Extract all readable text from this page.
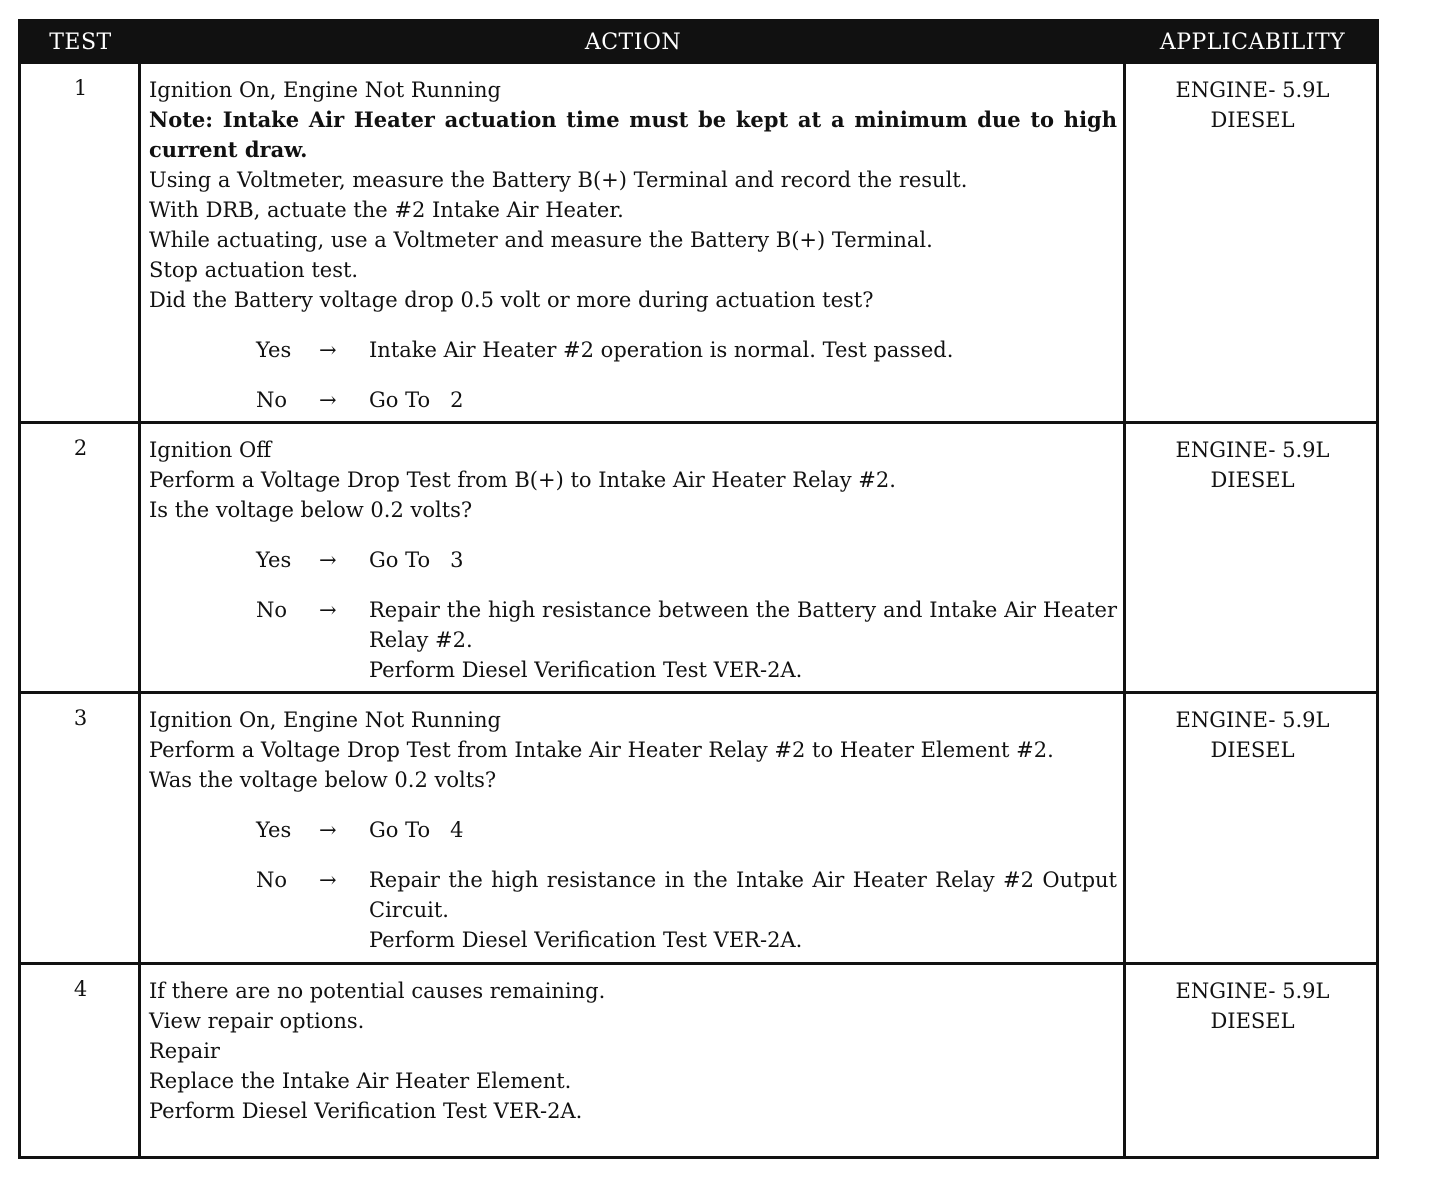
TEST	ACTION	APPLICABILITY
1	Ignition On, Engine Not Running

Note: Intake Air Heater actuation time must be kept at a minimum due to high current draw.

Using a Voltmeter, measure the Battery B(+) Terminal and record the result.

With DRB, actuate the #2 Intake Air Heater.

While actuating, use a Voltmeter and measure the Battery B(+) Terminal.

Stop actuation test.

Did the Battery voltage drop 0.5 volt or more during actuation test?

Yes → Intake Air Heater #2 operation is normal. Test passed.
No → Go To   2
ENGINE- 5.9L
DIESEL
2	Ignition Off

Perform a Voltage Drop Test from B(+) to Intake Air Heater Relay #2.

Is the voltage below 0.2 volts?

Yes → Go To   3
No → Repair the high resistance between the Battery and Intake Air Heater Relay #2.
Perform Diesel Verification Test VER-2A.
ENGINE- 5.9L
DIESEL
3	Ignition On, Engine Not Running

Perform a Voltage Drop Test from Intake Air Heater Relay #2 to Heater Element #2.

Was the voltage below 0.2 volts?

Yes → Go To   4
No → Repair the high resistance in the Intake Air Heater Relay #2 Output Circuit.
Perform Diesel Verification Test VER-2A.
ENGINE- 5.9L
DIESEL
4	If there are no potential causes remaining.

View repair options.

Repair

Replace the Intake Air Heater Element.

Perform Diesel Verification Test VER-2A.

ENGINE- 5.9L
DIESEL
